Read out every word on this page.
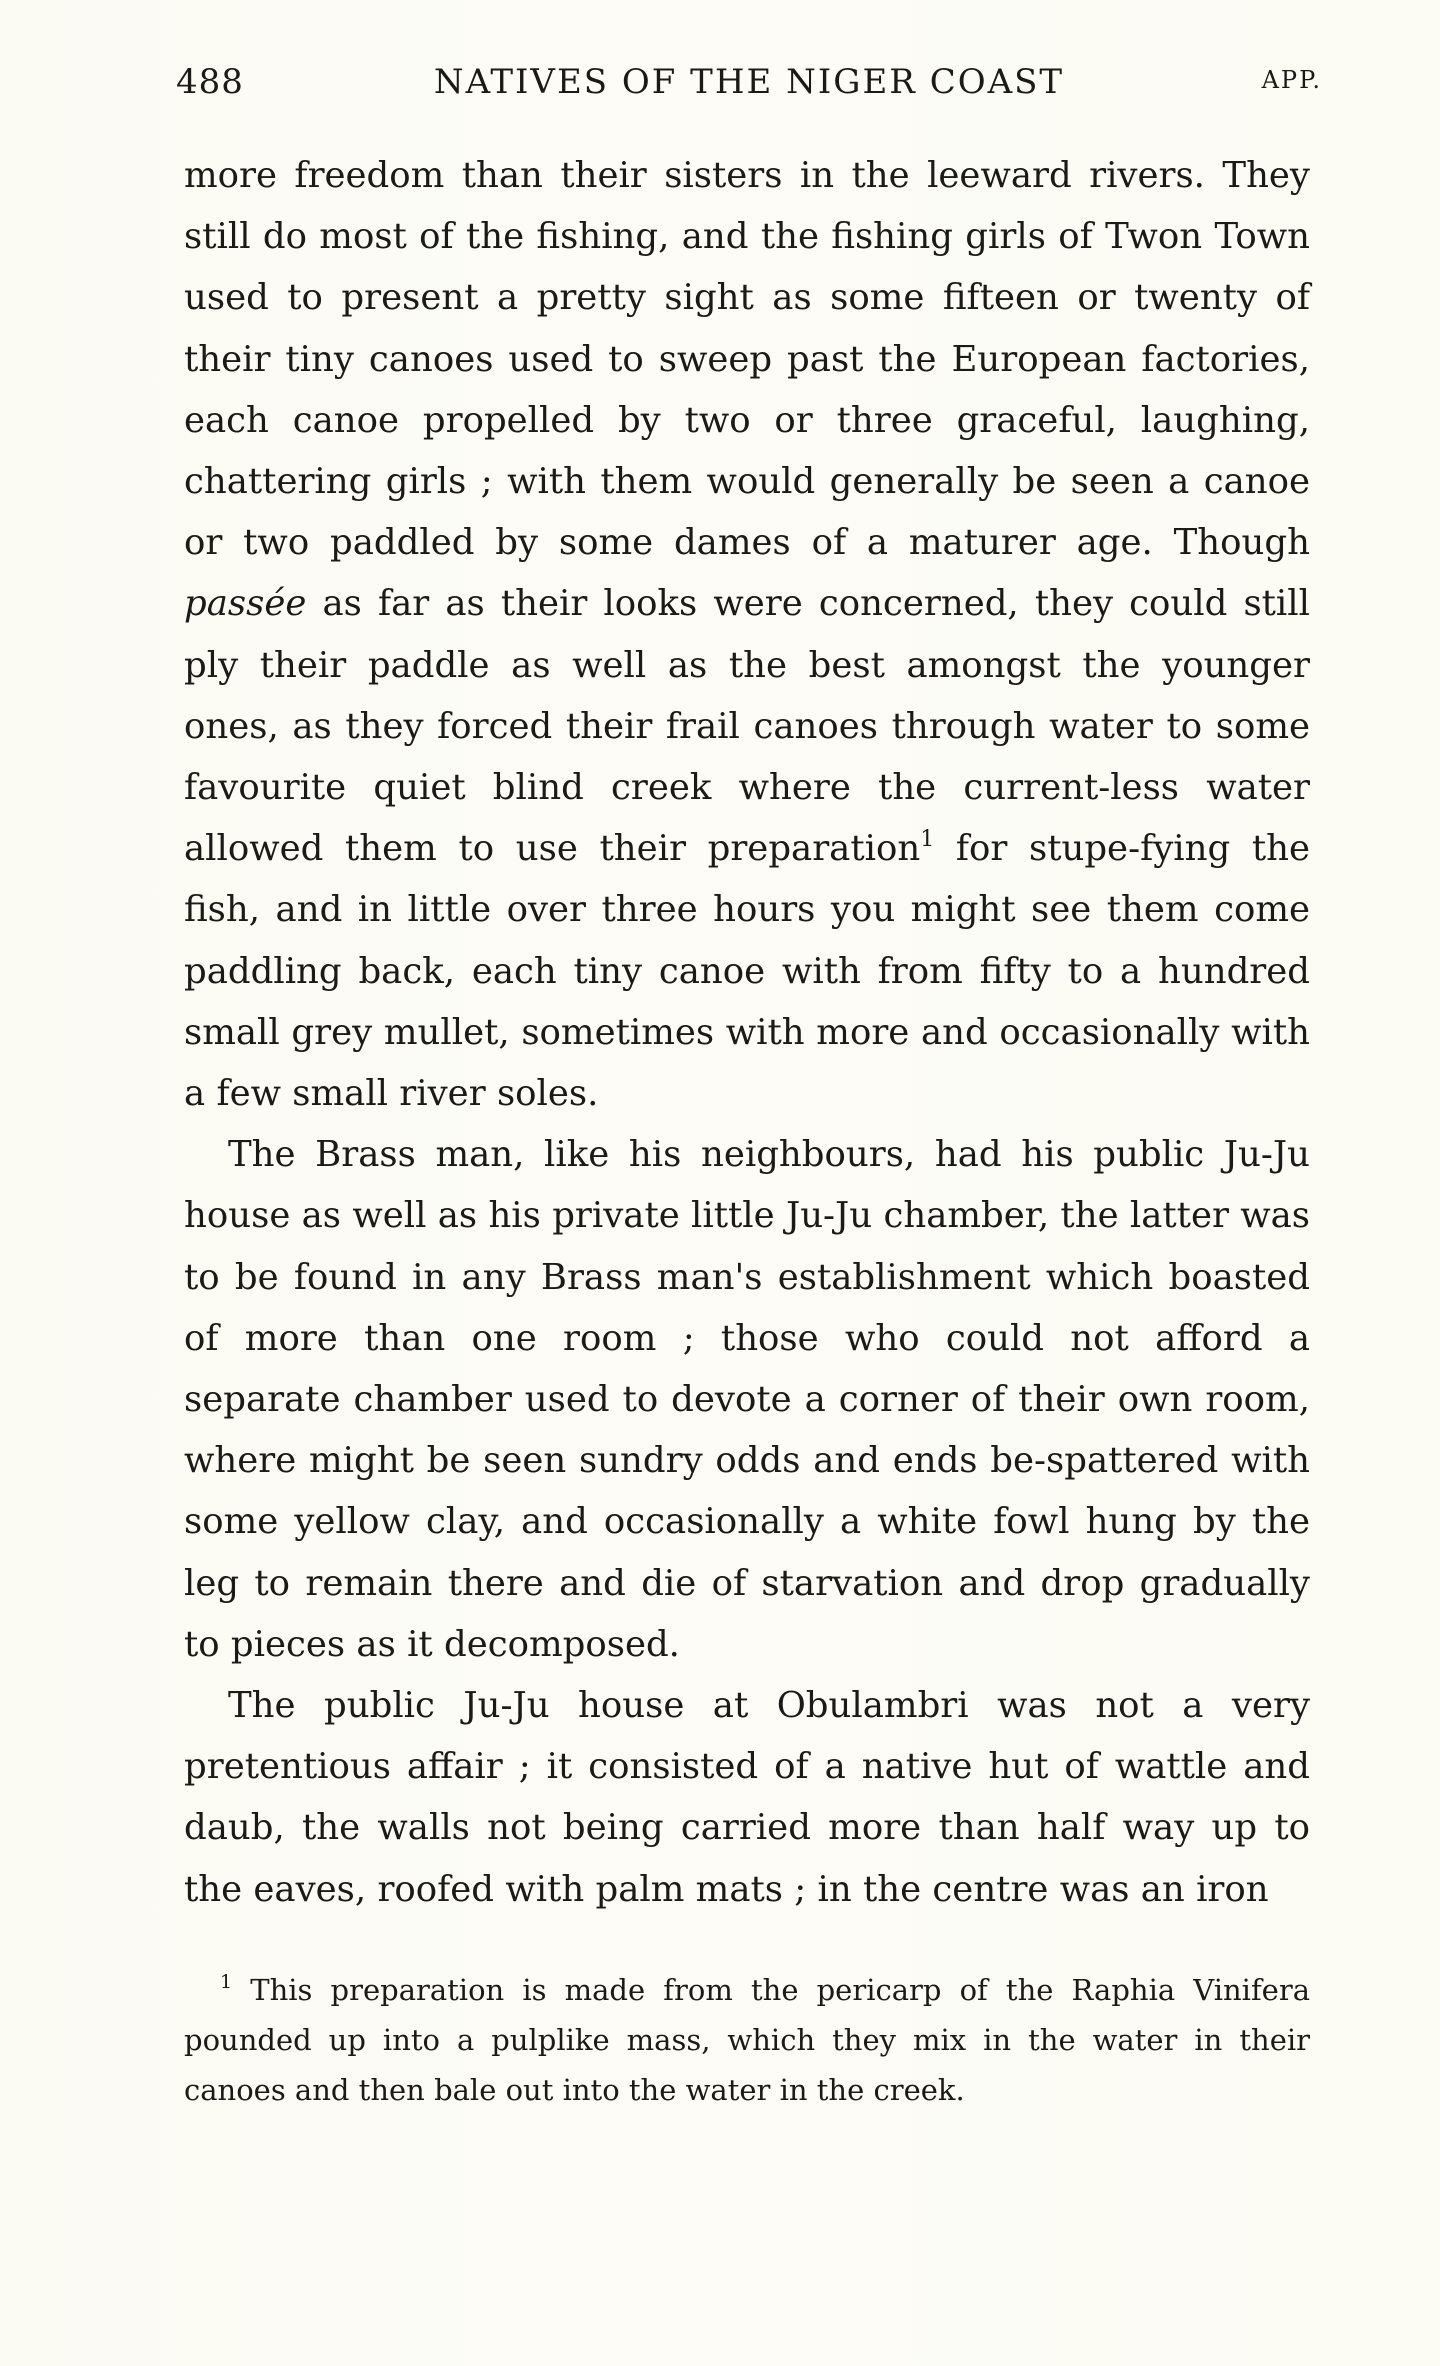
488	NATIVES OF THE NIGER COAST	APP.

more freedom than their sisters in the leeward rivers. They still do most of the fishing, and the fishing girls of Twon Town used to present a pretty sight as some fifteen or twenty of their tiny canoes used to sweep past the European factories, each canoe propelled by two or three graceful, laughing, chattering girls ; with them would generally be seen a canoe or two paddled by some dames of a maturer age. Though passée as far as their looks were concerned, they could still ply their paddle as well as the best amongst the younger ones, as they forced their frail canoes through water to some favourite quiet blind creek where the current-less water allowed them to use their preparation$^1$ for stupe-fying the fish, and in little over three hours you might see them come paddling back, each tiny canoe with from fifty to a hundred small grey mullet, sometimes with more and occasionally with a few small river soles.

The Brass man, like his neighbours, had his public Ju-Ju house as well as his private little Ju-Ju chamber, the latter was to be found in any Brass man's establishment which boasted of more than one room ; those who could not afford a separate chamber used to devote a corner of their own room, where might be seen sundry odds and ends be-spattered with some yellow clay, and occasionally a white fowl hung by the leg to remain there and die of starvation and drop gradually to pieces as it decomposed.

The public Ju-Ju house at Obulambri was not a very pretentious affair ; it consisted of a native hut of wattle and daub, the walls not being carried more than half way up to the eaves, roofed with palm mats ; in the centre was an iron

$^1$ This preparation is made from the pericarp of the Raphia Vinifera pounded up into a pulplike mass, which they mix in the water in their canoes and then bale out into the water in the creek.
